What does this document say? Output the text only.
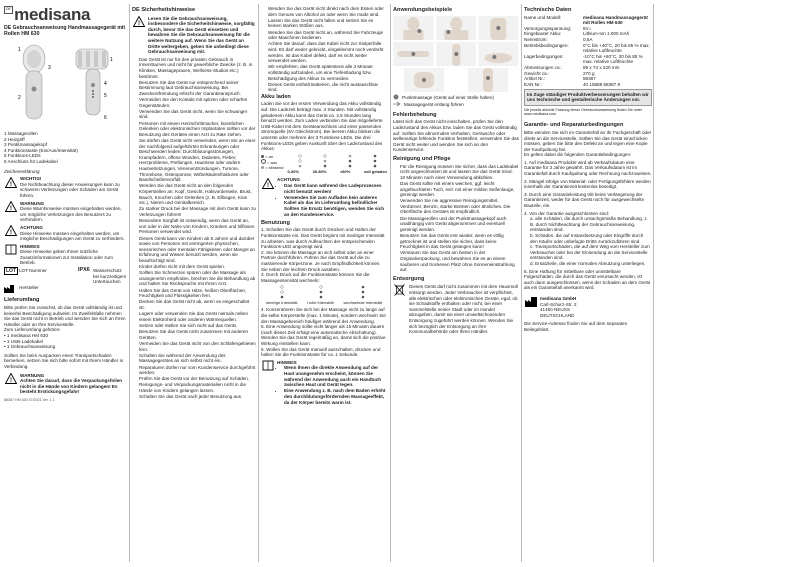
DE medisana
DE Gebrauchsanweisung Handmassagegerät mit Rollen HM 630
1
3
2
1
4
5
6
1 Massagerollen
2 Heizgriff
3 Punktmassagekopf
4 Funktionstaste (Ein/Aus/Intensität)
5 Funktions-LEDs
6 Anschluss für Ladekabel
Zeichenerklärung
!
WICHTIG!
Die Nichtbeachtung dieser Anweisungen kann zu schweren Verletzungen oder Schäden am Gerät führen.
!
WARNUNG
Diese Warnhinweise müssen eingehalten werden, um mögliche Verletzungen des Benutzers zu verhindern.
!
ACHTUNG
Diese Hinweise müssen eingehalten werden, um mögliche Beschädigungen am Gerät zu verhindern.
HINWEIS
Diese Hinweise geben Ihnen nützliche Zusatzinformationen zur Installation oder zum Betrieb.
LOT	LOT-Nummer	IPX6	Wasserschutz bei kurzzeitigem Untertauchen
	Hersteller		
Lieferumfang
Bitte prüfen Sie zunächst, ob das Gerät vollständig ist und keinerlei Beschädigung aufweist. Im Zweifelsfalle nehmen Sie das Gerät nicht in Betrieb und wenden Sie sich an Ihren Händler oder an Ihre Servicestelle.
Zum Lieferumfang gehören:
• 1 medisana HM 630
• 1 USB-Ladekabel
• 1 Gebrauchsanweisung
Sollten Sie beim Auspacken einen Transportschaden bemerken, setzen Sie sich bitte sofort mit Ihrem Händler in Verbindung.
!
WARNUNG
Achten Sie darauf, dass die Verpackungsfolien nicht in die Hände von Kindern gelangen! Es besteht Erstickungsgefahr!
88387 HM 630 07/2021 Ver. 1.1
DE Sicherheitshinweise
!
Lesen Sie die Gebrauchsanweisung, insbesondere die Sicherheitshinweise, sorgfältig durch, bevor Sie das Gerät einsetzen und bewahren Sie die Gebrauchsanweisung für die weitere Nutzung auf. Wenn Sie das Gerät an Dritte weitergeben, geben Sie unbedingt diese Gebrauchsanweisung mit.
• Das Gerät ist nur für den privaten Gebrauch in Innenräumen und nicht für gewerbliche Zwecke (z. B. in Kliniken, Massagepraxen, Wellness-Studios etc.) bestimmt.
• Benutzen Sie das Gerät nur entsprechend seiner Bestimmung laut Gebrauchsanweisung. Bei Zweckentfremdung erlischt der Garantieanspruch.
• Vermeiden Sie den Kontakt mit spitzen oder scharfen Gegenständen.
• Verwenden Sie das Gerät nicht, wenn Sie schwanger sind.
• Personen mit einem Herzschrittmacher, künstlichen Gelenken oder elektronischen Implantaten sollten vor der Benutzung des Gerätes einen Arzt zu Rate ziehen.
• Sie dürfen das Gerät nicht verwenden, wenn Sie an einer der nachfolgend aufgeführten Erkrankungen oder Beschwerden leiden: Durchblutungsstörungen, Krampfadern, offene Wunden, Diabetes, Fieber, Herzprobleme, Prellungen, Hautrisse oder andere Hautverletzungen, Venenentzündungen, Tumore, Thrombose, Osteoporose, Wirbelsäulenfrakturen oder Bandscheibenvorfall.
• Wenden Sie das Gerät nicht an den folgenden Körperstellen an: Kopf, Gesicht, Halsvorderseite, Brust, Bauch, Knochen oder Gelenken (z. B. Ellbogen, Knie etc.), Nieren und Genitalbereich.
• Zu starker Druck bei der Massage mit dem Gerät kann zu Verletzungen führen!
• Besondere Sorgfalt ist notwendig, wenn das Gerät an, von oder in der Nähe von Kindern, Kranken und hilflosen Personen verwendet wird.
• Dieses Gerät kann von Kindern ab 8 Jahren und darüber sowie von Personen mit verringerten physischen, sensorischen oder mentalen Fähigkeiten oder Mangel an Erfahrung und Wissen benutzt werden, wenn sie beaufsichtigt sind.
• Kinder dürfen nicht mit dem Gerät spielen.
• Sollten Sie Schmerzen spüren oder die Massage als unangenehm empfinden, brechen Sie die Behandlung ab und halten Sie Rücksprache mit Ihrem Arzt.
• Halten Sie das Gerät von Hitze, heißen Oberflächen, Feuchtigkeit und Flüssigkeiten fern.
• Decken Sie das Gerät nicht ab, wenn es eingeschaltet ist.
• Lagern oder verwenden Sie das Gerät niemals neben einem Elektroherd oder anderen Wärmequellen.
• Setzen oder stellen Sie sich nicht auf das Gerät.
• Benutzen Sie das Gerät nicht zusammen mit anderen Geräten.
• Vermeiden Sie das Gerät nicht von den Schläfengebieten fern.
• Schalten Sie während der Anwendung des Massagegerätes an sich selbst nicht ein.
• Reparaturen dürfen nur vom Kundenservice durchgeführt werden.
• Prüfen Sie das Gerät vor der Benutzung auf Schäden.
• Reinigungs- und Verpackungsmaterialien nicht in die Hände von Kindern gelangen lassen.
• Schalten Sie das Gerät nach jeder Benutzung aus.
• Wenden Sie das Gerät nicht direkt nach dem Essen oder dem Genuss von Alkohol an oder wenn Sie müde sind.
• Lassen Sie das Gerät nicht fallen und setzen Sie es keinen starken Stößen aus.
• Wenden Sie das Gerät nicht an, während Sie Fahrzeuge oder Maschinen bedienen.
• Achten Sie darauf, dass das Kabel nicht zur Stolperfalle wird. Es darf weder geknickt, eingeklemmt noch verdreht werden. Ist das Kabel defekt, darf es nicht weiter verwendet werden.
• Wir empfehlen, das Gerät spätestens alle 3 Monate vollständig aufzuladen, um eine Tiefentladung bzw. Beschädigung des Akkus zu vermeiden.
• Dieses Gerät enthält Batterien, die nicht austauschbar sind.
Akku laden
Laden Sie vor der ersten Verwendung das Akku vollständig auf. Die Ladezeit beträgt max. 3 Stunden. Mit vollständig geladenem Akku kann das Gerät ca. 2,5 Stunden lang benutzt werden. Zum Laden verbinden Sie das mitgelieferte USB-Kabel mit dem Geräteanschluss und einer passenden Stromquelle (5V Gleichstrom). Bei leerem Akku blinken die unterste oder mehrere der 3 Funktions-LEDs. Die drei Funktions-LEDs geben Auskunft über den Ladezustand des Akkus:
= an
= aus
= blinkend
0-30%	30-80%	>80%	voll geladen
!
ACHTUNG
• Das Gerät kann während des Ladeprozesses nicht benutzt werden!
• Verwenden Sie zum Aufladen kein anderes Kabel als das im Lieferumfang befindliche! Sollten Sie Ersatz benötigen, wenden Sie sich an den Kundenservice.
Benutzung
1. Schalten Sie das Gerät durch Drücken und Halten der Funktionstaste ein. Das Gerät beginnt mit niedriger Intensität zu arbeiten, was durch Aufleuchten der entsprechenden Funktions-LED angezeigt wird.
2. Sie können die Massage an sich selbst oder an einer Partner durchführen. Führen Sie das Gerät auf die zu massierende Körperzone. Je nach Empfindlichkeit können Sie neben der leichten Druck ausüben.
3. Durch Druck auf die Funktionstaste können Sie die Massageintensität wechseln:
niedrige Intensität hohe Intensität wechselnde Intensität
4. Konzentrieren Sie sich bei der Massage nicht zu lange auf die selbe Körperstelle (max. 1 Minute), sondern wechseln Sie den Massagebereich häufiger während der Anwendung.
5. Eine Anwendung sollte nicht länger als 15 Minuten dauern (nach dieser Zeit erfolgt eine automatische Abschaltung). Wenden Sie das Gerät regelmäßig an, damit sich die positive Wirkung einstellen kann.
6. Wollen Sie das Gerät manuell ausschalten, drücken und halten Sie die Funktionstaste für ca. 1 Sekunde.
HINWEIS
• Wenn Ihnen die direkte Anwendung auf der Haut unangenehm erscheint, können Sie während der Anwendung auch ein Handtuch zwischen Haut und Gerät legen.
• Eine Anwendung z. B. nach dem Baden erhöht den durchblutungsfördernden Massageeffekt, da der Körper bereits warm ist.
Anwendungsbeispiele
Punktmassage (Gerät auf einer Stelle halten)
Massagegerät entlang führen
Fehlerbehebung
Lässt sich das Gerät nicht einschalten, prüfen Sie den Ladezustand des Akkus bzw. laden Sie das Gerät vollständig auf. Sollten Sie abnormales Verhalten, Geräusche oder wellenartige fehlende Funktion feststellen, verwenden Sie das Gerät nicht weiter und wenden Sie sich an den Kundenservice.
Reinigung und Pflege
• Für die Reinigung müssen Sie sicher, dass das Ladekabel nicht angeschlossen ist und lassen Sie das Gerät mind. 10 Minuten nach einer Verwendung abkühlen.
• Das Gerät sollte mit einem weichen, ggf. leicht angefeuchteten Tuch, evtl. mit einer milden Seifenlauge, gereinigt werden.
• Verwenden Sie nie aggressive Reinigungsmittel, Verdünner, Benzin, starke Bürsten oder ähnliches. Die Oberfläche des Gerätes ist empfindlich.
• Die Massagerollen und der Punktmassagekopf auch unabhängig vom Gerät abgenommen und eventuell gereinigt werden.
• Benutzen Sie das Gerät erst wieder, wenn es völlig getrocknet ist und stellen Sie sicher, dass keine Feuchtigkeit in das Gerät gelangen kann!
• Verstauen Sie das Gerät am besten in der Originalverpackung, und bewahren Sie es an einem sauberen und trockenen Platz ohne Sonneneinstrahlung auf.
Entsorgung
Dieses Gerät darf nicht zusammen mit dem Hausmüll entsorgt werden. Jeder Verbraucher ist verpflichtet, alle elektrischen oder elektronischen Geräte, egal, ob sie Schadstoffe enthalten oder nicht, bei einer Sammelstelle seiner Stadt oder im Handel abzugeben, damit sie einer umweltschonenden Entsorgung zugeführt werden können. Wenden Sie sich bezüglich der Entsorgung an Ihre Kommunalbehörde oder Ihren Händler.
Technische Daten
Name und Modell:	medisana Handmassagegerät mit Rollen HM 630
Versorgungsspannung:	5V=
Eingebauter Akku:	Lithium-Ion 1.000 mAh
Nennstrom:	0,5A
Betriebsbedingungen:	0°C bis +40°C, 20 bis 85 % max. relative Luftfeuchte
Lagerbedingungen:	-10°C bis +60°C, 20 bis 85 % max. relative Luftfeuchte
Abmessungen ca.:	89 x 74 x 220 mm
Gewicht ca.:	270 g
Artikel Nr.:	88387
EAN Nr.:	40 15588 88387 8
Im Zuge ständiger Produktverbesserungen behalten wir uns technische und gestalterische Änderungen vor.
Die jeweils aktuelle Fassung dieser Gebrauchsanweisung finden Sie unter www.medisana.com
Garantie- und Reparaturbedingungen
Bitte wenden Sie sich im Garantiefall an Ihr Fachgeschäft oder direkt an die Servicestelle. Sollten Sie das Gerät einschicken müssen, geben Sie bitte den Defekt an und legen eine Kopie der Kaufquittung bei.
Es gelten dabei die folgenden Garantiebedingungen:
1. Auf medisana Produkte wird ab Verkaufsdatum eine Garantie für 3 Jahre gewährt. Das Verkaufsdatum ist im Garantiefall durch Kaufquittung oder Rechnung nachzuweisen.
2. Mängel infolge von Material- oder Fertigungsfehlern werden innerhalb der Garantiezeit kostenlos beseitigt.
3. Durch eine Garantieleistung tritt keine Verlängerung der Garantiezeit, weder für das Gerät noch für ausgewechselte Bauteile, ein.
4. Von der Garantie ausgeschlossen sind:
a. alle Schäden, die durch unsachgemäße Behandlung, z. B. durch Nichtbeachtung der Gebrauchsanweisung, entstanden sind.
b. Schäden, die auf Instandsetzung oder Eingriffe durch den Käufer oder unbefugte Dritte zurückzuführen sind.
c. Transportschäden, die auf dem Weg vom Hersteller zum Verbraucher oder bei der Einsendung an die Servicestelle entstanden sind.
d. Ersatzteile, die einer normalen Abnutzung unterliegen.
5. Eine Haftung für mittelbare oder unmittelbare Folgeschäden, die durch das Gerät verursacht werden, ist auch dann ausgeschlossen, wenn der Schaden an dem Gerät als ein Garantiefall anerkannt wird.
medisana GmbH
Carl-Schurz-Str. 2
41460 NEUSS
DEUTSCHLAND
Die Service-Adresse finden Sie auf dem separaten Beilegeblatt.
